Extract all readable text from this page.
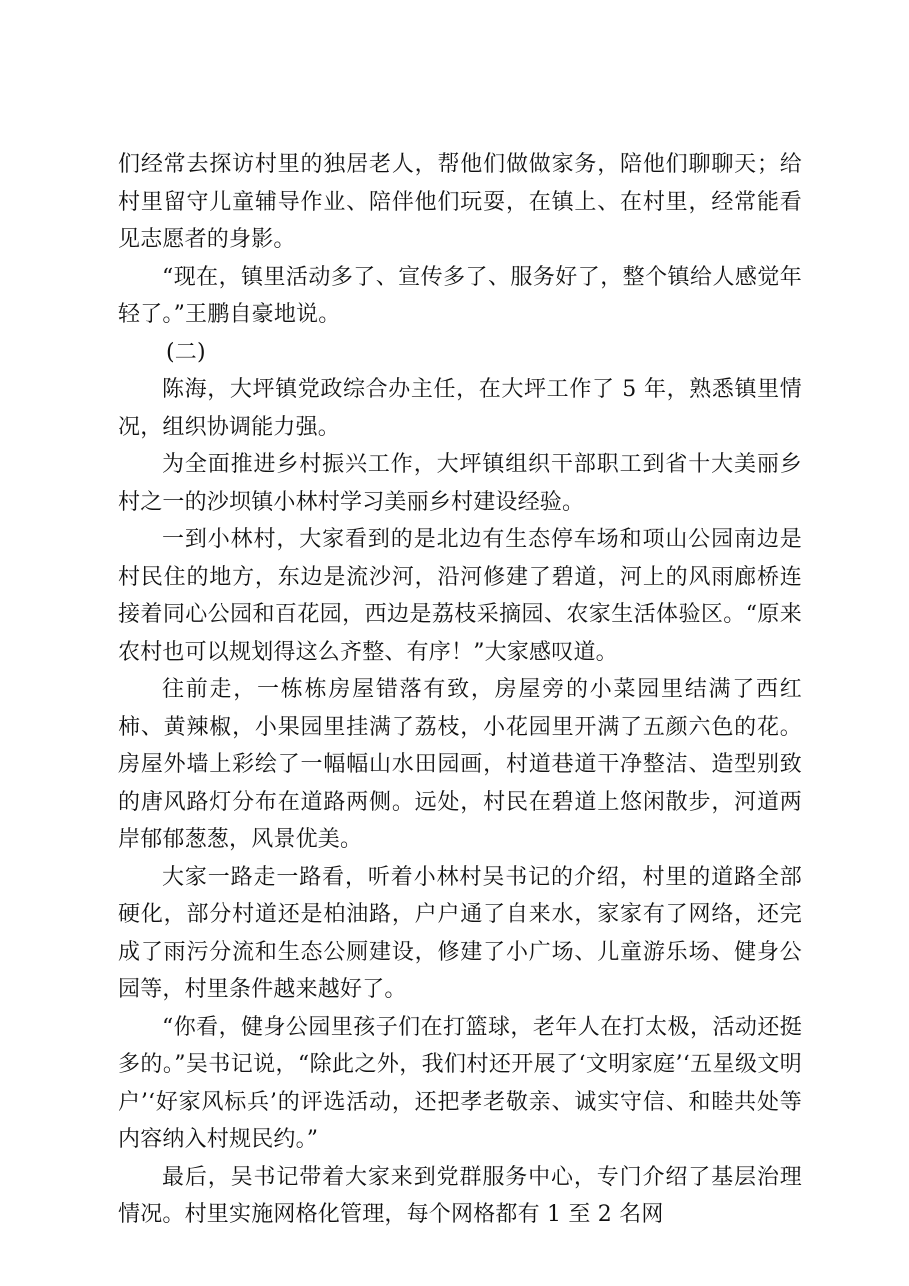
们经常去探访村里的独居老人，帮他们做做家务，陪他们聊聊天；给村里留守儿童辅导作业、陪伴他们玩耍，在镇上、在村里，经常能看见志愿者的身影。

“现在，镇里活动多了、宣传多了、服务好了，整个镇给人感觉年轻了。”王鹏自豪地说。

(二)

陈海，大坪镇党政综合办主任，在大坪工作了 5 年，熟悉镇里情况，组织协调能力强。

为全面推进乡村振兴工作，大坪镇组织干部职工到省十大美丽乡村之一的沙坝镇小林村学习美丽乡村建设经验。

一到小林村，大家看到的是北边有生态停车场和项山公园南边是村民住的地方，东边是流沙河，沿河修建了碧道，河上的风雨廊桥连接着同心公园和百花园，西边是荔枝采摘园、农家生活体验区。“原来农村也可以规划得这么齐整、有序！”大家感叹道。

往前走，一栋栋房屋错落有致，房屋旁的小菜园里结满了西红柿、黄辣椒，小果园里挂满了荔枝，小花园里开满了五颜六色的花。房屋外墙上彩绘了一幅幅山水田园画，村道巷道干净整洁、造型别致的唐风路灯分布在道路两侧。远处，村民在碧道上悠闲散步，河道两岸郁郁葱葱，风景优美。

大家一路走一路看，听着小林村吴书记的介绍，村里的道路全部硬化，部分村道还是柏油路，户户通了自来水，家家有了网络，还完成了雨污分流和生态公厕建设，修建了小广场、儿童游乐场、健身公园等，村里条件越来越好了。

“你看，健身公园里孩子们在打篮球，老年人在打太极，活动还挺多的。”吴书记说，“除此之外，我们村还开展了‘文明家庭’‘五星级文明户’‘好家风标兵’的评选活动，还把孝老敬亲、诚实守信、和睦共处等内容纳入村规民约。”

最后，吴书记带着大家来到党群服务中心，专门介绍了基层治理情况。村里实施网格化管理，每个网格都有 1 至 2 名网
